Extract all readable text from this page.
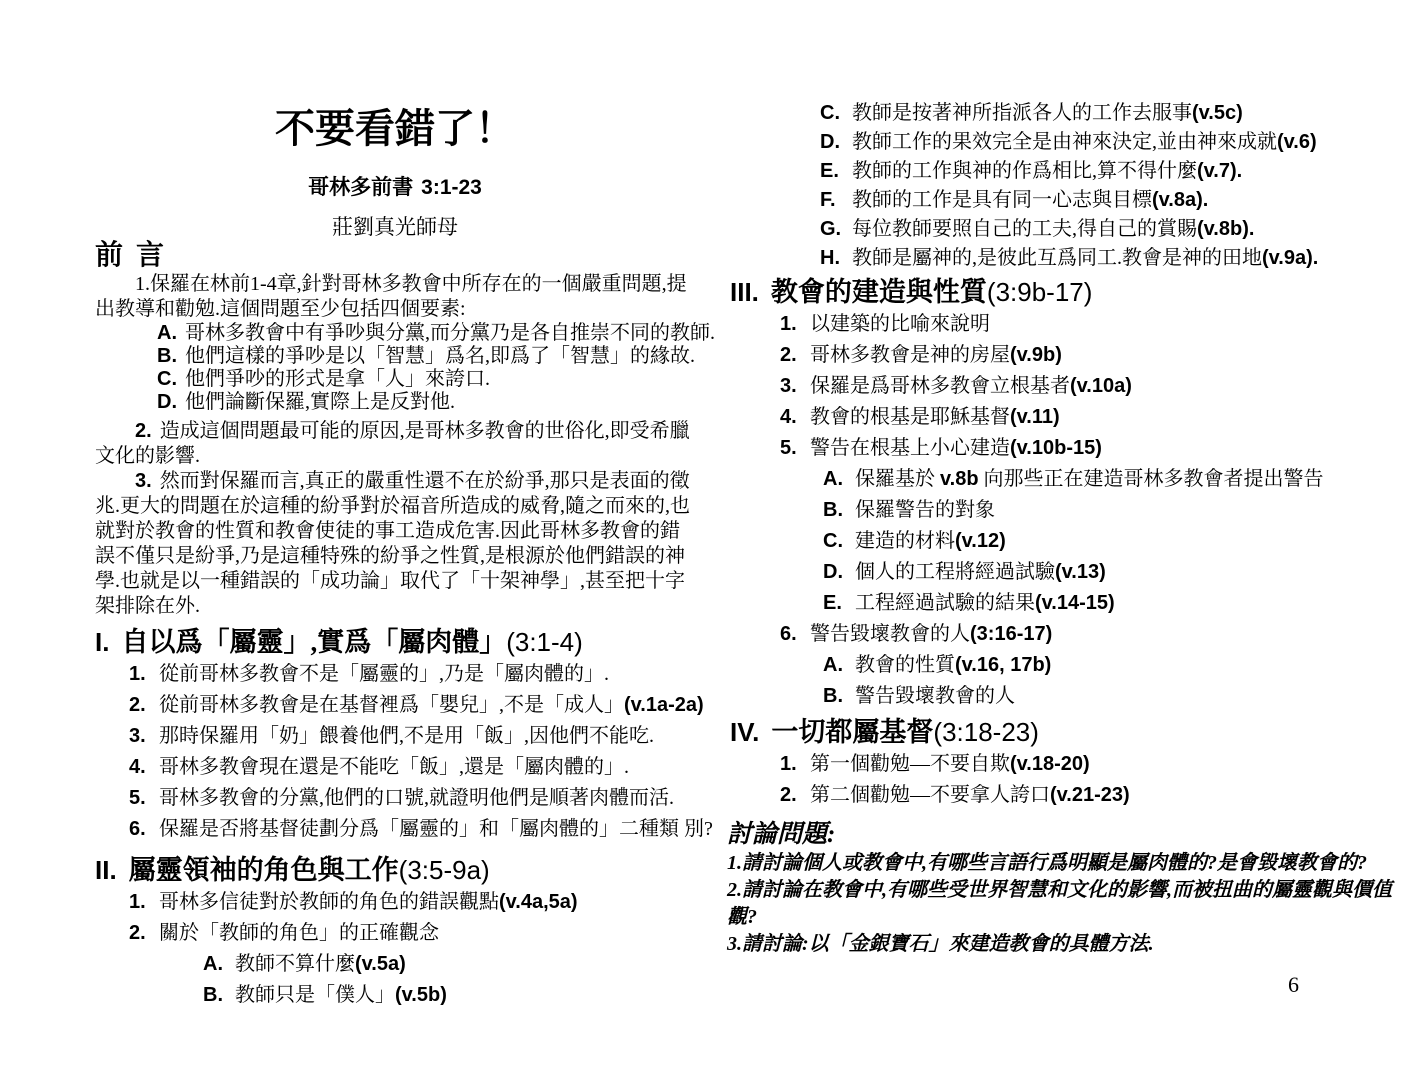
不要看錯了！

哥林多前書 3:1-23

莊劉真光師母

前 言

1.保羅在林前1-4章,針對哥林多教會中所存在的一個嚴重問題,提出教導和勸勉.這個問題至少包括四個要素:

A. 哥林多教會中有爭吵與分黨,而分黨乃是各自推崇不同的教師.
B. 他們這樣的爭吵是以「智慧」爲名,即爲了「智慧」的緣故.
C. 他們爭吵的形式是拿「人」來誇口.
D. 他們論斷保羅,實際上是反對他.

2. 造成這個問題最可能的原因,是哥林多教會的世俗化,即受希臘文化的影響.

3. 然而對保羅而言,真正的嚴重性還不在於紛爭,那只是表面的徵兆.更大的問題在於這種的紛爭對於福音所造成的威脅,隨之而來的,也就對於教會的性質和教會使徒的事工造成危害.因此哥林多教會的錯誤不僅只是紛爭,乃是這種特殊的紛爭之性質,是根源於他們錯誤的神學.也就是以一種錯誤的「成功論」取代了「十架神學」,甚至把十字架排除在外.

I. 自以爲「屬靈」,實爲「屬肉體」(3:1-4)
1. 從前哥林多教會不是「屬靈的」,乃是「屬肉體的」.
2. 從前哥林多教會是在基督裡爲「嬰兒」,不是「成人」(v.1a-2a)
3. 那時保羅用「奶」餵養他們,不是用「飯」,因他們不能吃.
4. 哥林多教會現在還是不能吃「飯」,還是「屬肉體的」.
5. 哥林多教會的分黨,他們的口號,就證明他們是順著肉體而活.
6. 保羅是否將基督徒劃分爲「屬靈的」和「屬肉體的」二種類 別?
II. 屬靈領袖的角色與工作(3:5-9a)
1. 哥林多信徒對於教師的角色的錯誤觀點(v.4a,5a)
2. 關於「教師的角色」的正確觀念
A. 教師不算什麼(v.5a)
B. 教師只是「僕人」(v.5b)
C. 教師是按著神所指派各人的工作去服事(v.5c)
D. 教師工作的果效完全是由神來決定,並由神來成就(v.6)
E. 教師的工作與神的作爲相比,算不得什麼(v.7).
F. 教師的工作是具有同一心志與目標(v.8a).
G. 每位教師要照自己的工夫,得自己的賞賜(v.8b).
H. 教師是屬神的,是彼此互爲同工.教會是神的田地(v.9a).
III. 教會的建造與性質(3:9b-17)
1. 以建築的比喻來說明
2. 哥林多教會是神的房屋(v.9b)
3. 保羅是爲哥林多教會立根基者(v.10a)
4. 教會的根基是耶穌基督(v.11)
5. 警告在根基上小心建造(v.10b-15)
A. 保羅基於 v.8b 向那些正在建造哥林多教會者提出警告
B. 保羅警告的對象
C. 建造的材料(v.12)
D. 個人的工程將經過試驗(v.13)
E. 工程經過試驗的結果(v.14-15)
6. 警告毀壞教會的人(3:16-17)
A. 教會的性質(v.16, 17b)
B. 警告毀壞教會的人
IV. 一切都屬基督(3:18-23)
1. 第一個勸勉—不要自欺(v.18-20)
2. 第二個勸勉—不要拿人誇口(v.21-23)
討論問題:

1.請討論個人或教會中,有哪些言語行爲明顯是屬肉體的?是會毀壞教會的?

2.請討論在教會中,有哪些受世界智慧和文化的影響,而被扭曲的屬靈觀與價值觀?

3.請討論:以「金銀寶石」來建造教會的具體方法.

6
